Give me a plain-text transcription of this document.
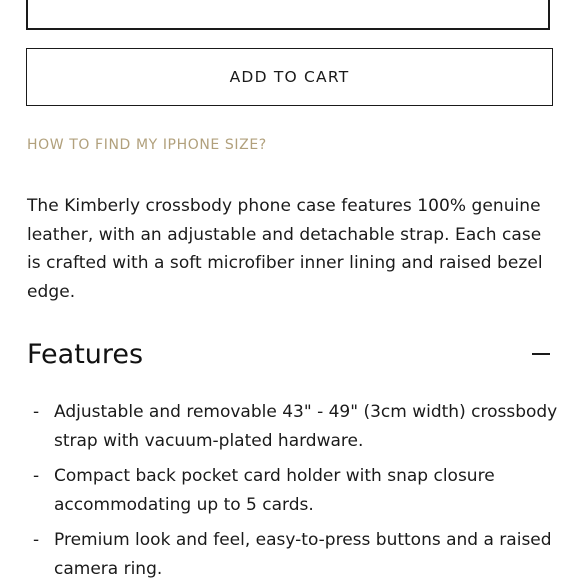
ADD TO CART
HOW TO FIND MY IPHONE SIZE?

The Kimberly crossbody phone case features 100% genuine leather, with an adjustable and detachable strap. Each case is crafted with a soft microfiber inner lining and raised bezel edge.

Features
- Adjustable and removable 43" - 49" (3cm width) crossbody strap with vacuum-plated hardware.
- Compact back pocket card holder with snap closure accommodating up to 5 cards.
- Premium look and feel, easy-to-press buttons and a raised camera ring.
